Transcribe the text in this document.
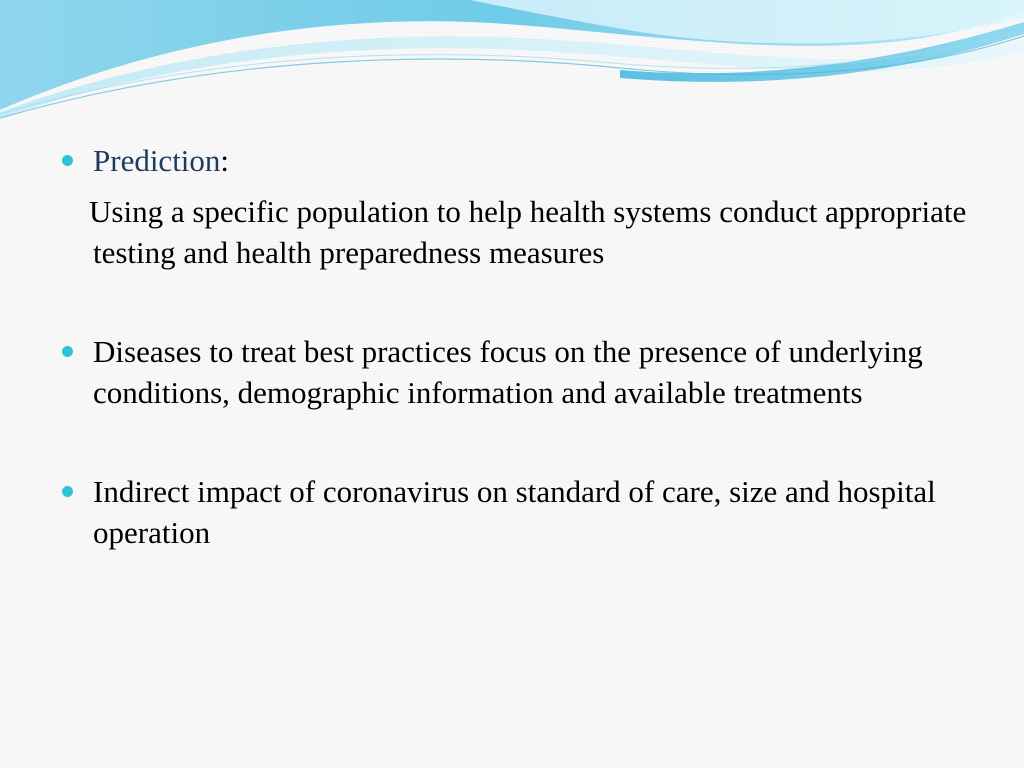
Prediction:
Using a specific population to help health systems conduct appropriate testing and health preparedness measures
Diseases to treat best practices focus on the presence of underlying conditions, demographic information and available treatments
Indirect impact of coronavirus on standard of care, size and hospital operation
